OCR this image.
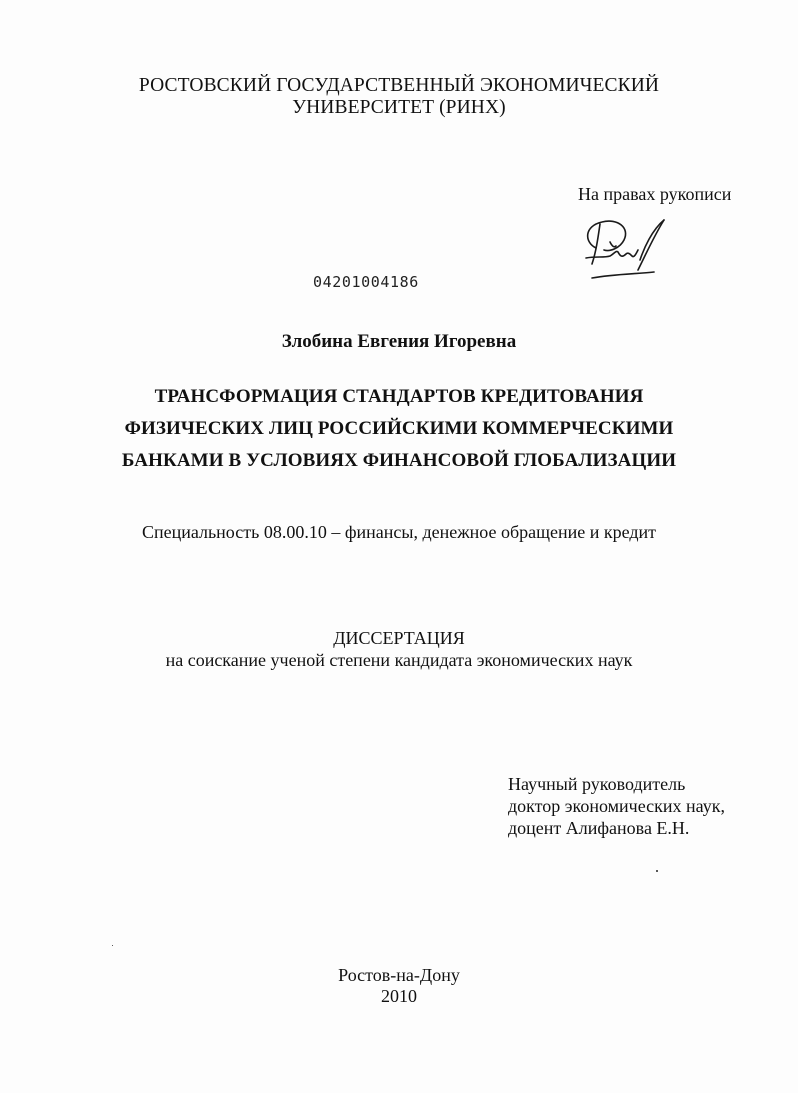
РОСТОВСКИЙ ГОСУДАРСТВЕННЫЙ ЭКОНОМИЧЕСКИЙ
УНИВЕРСИТЕТ (РИНХ)
На правах рукописи
04201004186
Злобина Евгения Игоревна
ТРАНСФОРМАЦИЯ СТАНДАРТОВ КРЕДИТОВАНИЯ
ФИЗИЧЕСКИХ ЛИЦ РОССИЙСКИМИ КОММЕРЧЕСКИМИ
БАНКАМИ В УСЛОВИЯХ ФИНАНСОВОЙ ГЛОБАЛИЗАЦИИ
Специальность 08.00.10 – финансы, денежное обращение и кредит
ДИССЕРТАЦИЯ
на соискание ученой степени кандидата экономических наук
Научный руководитель
доктор экономических наук,
доцент Алифанова Е.Н.
Ростов-на-Дону
2010
